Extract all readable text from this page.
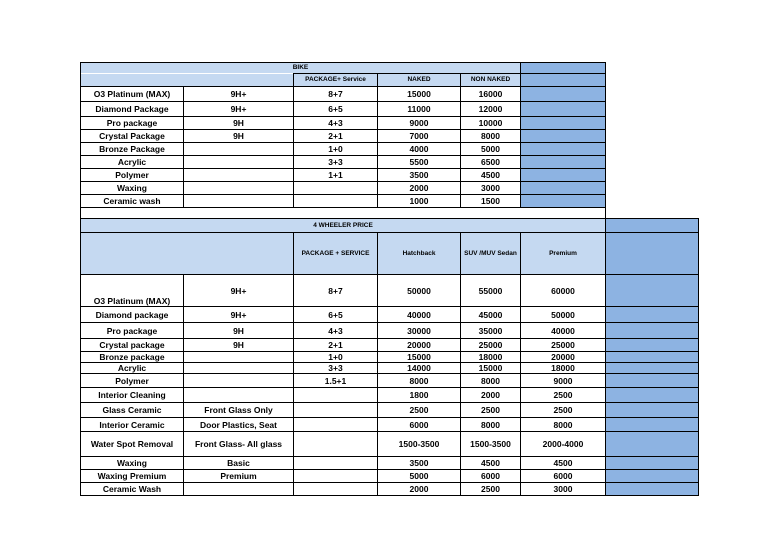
BIKE					
		PACKAGE+ Service	NAKED	NON NAKED	
O3 Platinum (MAX)	9H+	8+7	15000	16000	
Diamond Package	9H+	6+5	11000	12000	
Pro package	9H	4+3	9000	10000	
Crystal Package	9H	2+1	7000	8000	
Bronze Package		1+0	4000	5000	
Acrylic		3+3	5500	6500	
Polymer		1+1	3500	4500	
Waxing			2000	3000	
Ceramic wash			1000	1500	

4 WHEELER PRICE						
		PACKAGE + SERVICE	Hatchback	SUV /MUV Sedan	Premium	
O3 Platinum (MAX)	9H+	8+7	50000	55000	60000	
Diamond package	9H+	6+5	40000	45000	50000	
Pro package	9H	4+3	30000	35000	40000	
Crystal package	9H	2+1	20000	25000	25000	
Bronze package		1+0	15000	18000	20000	
Acrylic		3+3	14000	15000	18000	
Polymer		1.5+1	8000	8000	9000	
Interior Cleaning			1800	2000	2500	
Glass Ceramic	Front Glass Only		2500	2500	2500	
Interior Ceramic	Door Plastics, Seat		6000	8000	8000	
Water Spot Removal	Front Glass- All glass		1500-3500	1500-3500	2000-4000	
Waxing	Basic		3500	4500	4500	
Waxing Premium	Premium		5000	6000	6000	
Ceramic Wash			2000	2500	3000	
